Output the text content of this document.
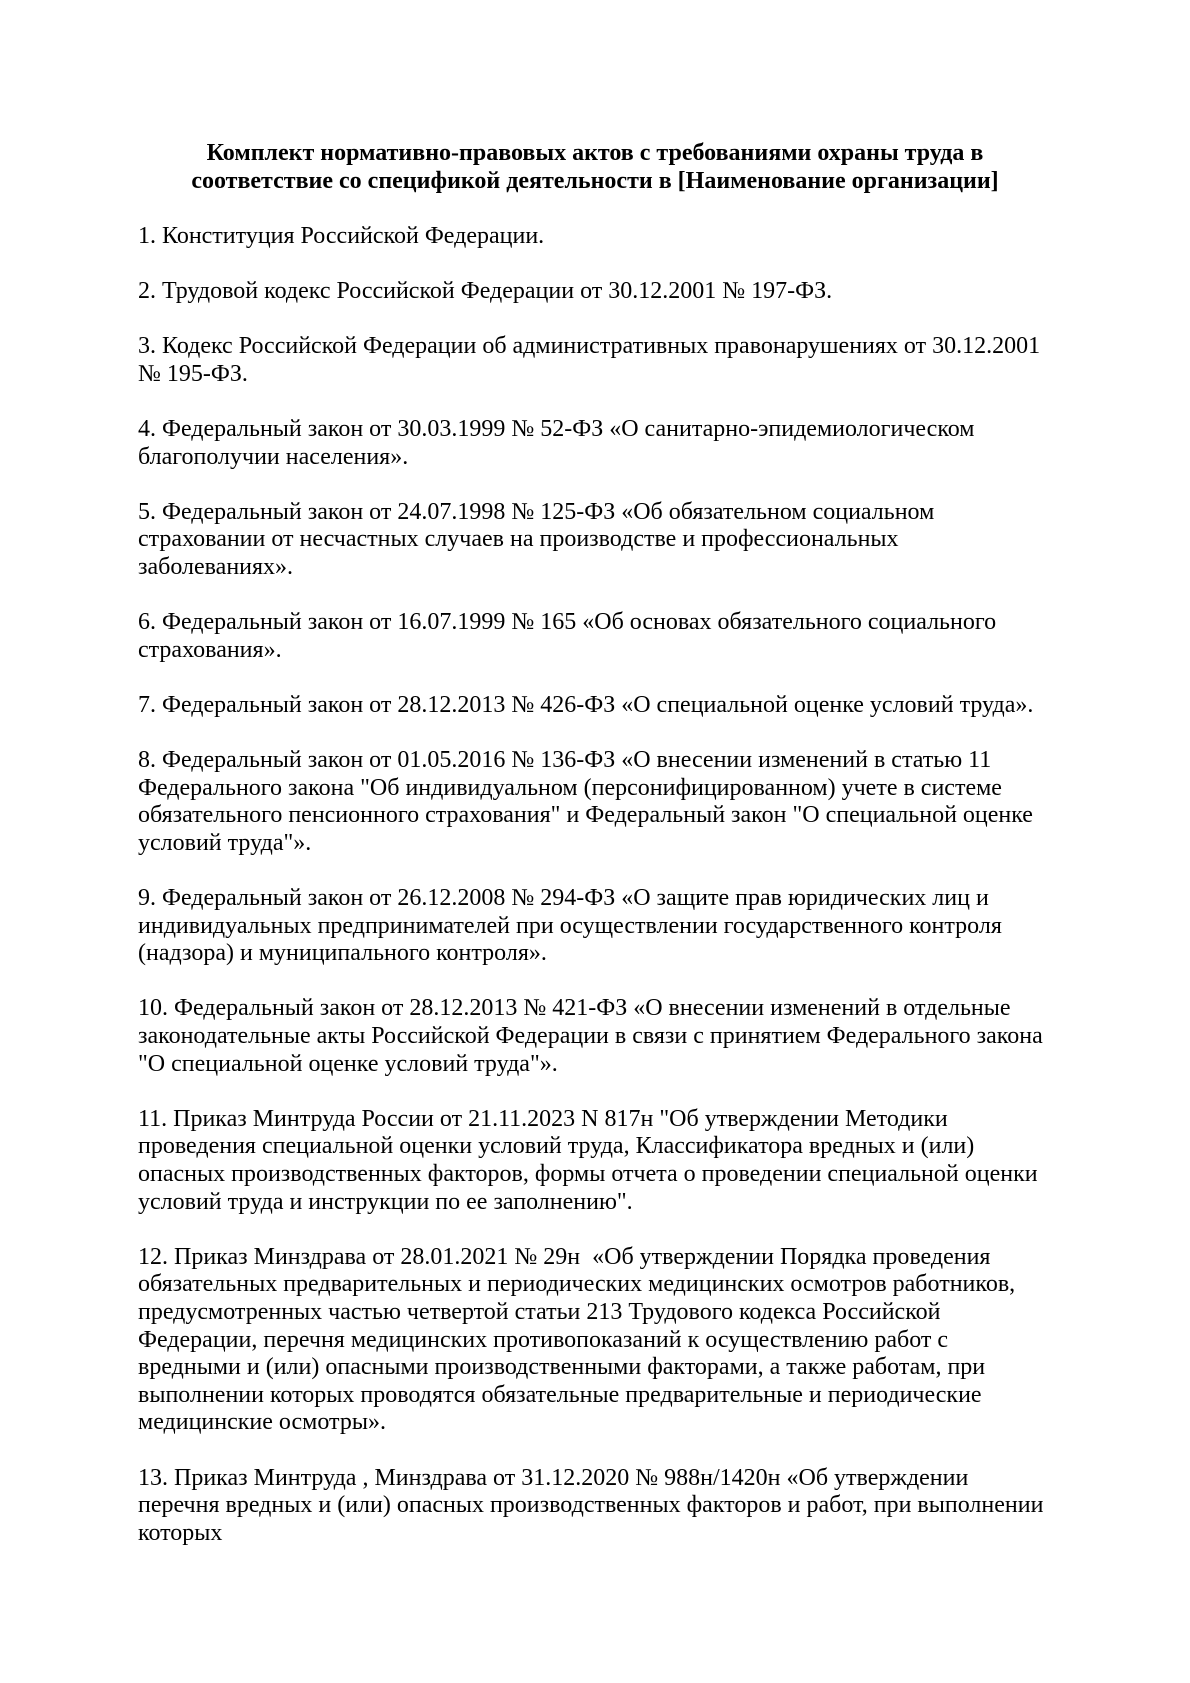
Комплект нормативно-правовых актов с требованиями охраны труда в соответствие со спецификой деятельности в [Наименование организации]

1. Конституция Российской Федерации.

2. Трудовой кодекс Российской Федерации от 30.12.2001 № 197-ФЗ.

3. Кодекс Российской Федерации об административных правонарушениях от 30.12.2001 № 195-ФЗ.

4. Федеральный закон от 30.03.1999 № 52-ФЗ «О санитарно-эпидемиологическом благополучии населения».

5. Федеральный закон от 24.07.1998 № 125-ФЗ «Об обязательном социальном страховании от несчастных случаев на производстве и профессиональных заболеваниях».

6. Федеральный закон от 16.07.1999 № 165 «Об основах обязательного социального страхования».

7. Федеральный закон от 28.12.2013 № 426-ФЗ «О специальной оценке условий труда».

8. Федеральный закон от 01.05.2016 № 136-ФЗ «О внесении изменений в статью 11 Федерального закона "Об индивидуальном (персонифицированном) учете в системе обязательного пенсионного страхования" и Федеральный закон "О специальной оценке условий труда"».

9. Федеральный закон от 26.12.2008 № 294-ФЗ «О защите прав юридических лиц и индивидуальных предпринимателей при осуществлении государственного контроля (надзора) и муниципального контроля».

10. Федеральный закон от 28.12.2013 № 421-ФЗ «О внесении изменений в отдельные законодательные акты Российской Федерации в связи с принятием Федерального закона "О специальной оценке условий труда"».

11. Приказ Минтруда России от 21.11.2023 N 817н "Об утверждении Методики проведения специальной оценки условий труда, Классификатора вредных и (или) опасных производственных факторов, формы отчета о проведении специальной оценки условий труда и инструкции по ее заполнению".

12. Приказ Минздрава от 28.01.2021 № 29н  «Об утверждении Порядка проведения обязательных предварительных и периодических медицинских осмотров работников, предусмотренных частью четвертой статьи 213 Трудового кодекса Российской Федерации, перечня медицинских противопоказаний к осуществлению работ с вредными и (или) опасными производственными факторами, а также работам, при выполнении которых проводятся обязательные предварительные и периодические медицинские осмотры».

13. Приказ Минтруда , Минздрава от 31.12.2020 № 988н/1420н «Об утверждении перечня вредных и (или) опасных производственных факторов и работ, при выполнении которых
